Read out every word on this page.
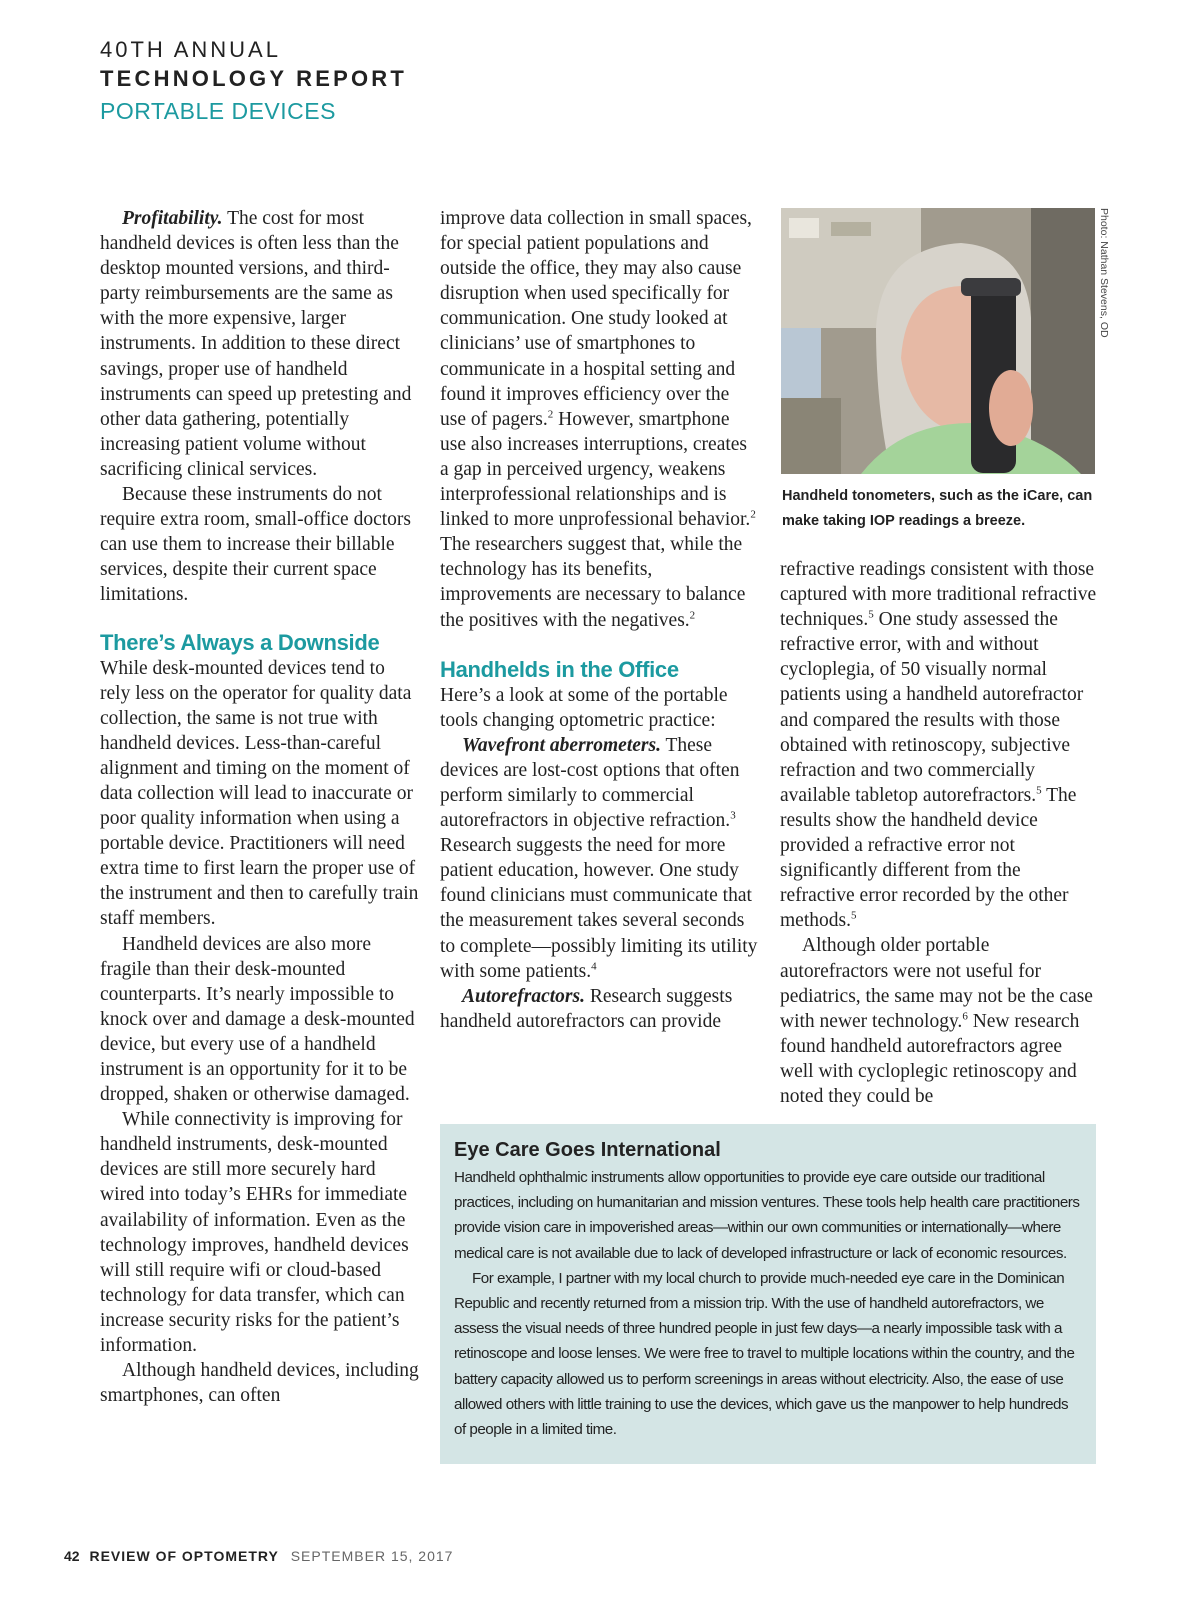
40TH ANNUAL
TECHNOLOGY REPORT
PORTABLE DEVICES

Profitability. The cost for most handheld devices is often less than the desktop mounted versions, and third-party reimbursements are the same as with the more expensive, larger instruments. In addition to these direct savings, proper use of handheld instruments can speed up pretesting and other data gathering, potentially increasing patient volume without sacrificing clinical services.

Because these instruments do not require extra room, small-office doctors can use them to increase their billable services, despite their current space limitations.

There’s Always a Downside

While desk-mounted devices tend to rely less on the operator for quality data collection, the same is not true with handheld devices. Less-than-careful alignment and timing on the moment of data collection will lead to inaccurate or poor quality information when using a portable device. Practitioners will need extra time to first learn the proper use of the instrument and then to carefully train staff members.

Handheld devices are also more fragile than their desk-mounted counterparts. It’s nearly impossible to knock over and damage a desk-mounted device, but every use of a handheld instrument is an opportunity for it to be dropped, shaken or otherwise damaged.

While connectivity is improving for handheld instruments, desk-mounted devices are still more securely hard wired into today’s EHRs for immediate availability of information. Even as the technology improves, handheld devices will still require wifi or cloud-based technology for data transfer, which can increase security risks for the patient’s information.

Although handheld devices, including smartphones, can often

improve data collection in small spaces, for special patient populations and outside the office, they may also cause disruption when used specifically for communication. One study looked at clinicians’ use of smartphones to communicate in a hospital setting and found it improves efficiency over the use of pagers.$^2$ However, smartphone use also increases interruptions, creates a gap in perceived urgency, weakens interprofessional relationships and is linked to more unprofessional behavior.$^2$ The researchers suggest that, while the technology has its benefits, improvements are necessary to balance the positives with the negatives.$^2$

Handhelds in the Office

Here’s a look at some of the portable tools changing optometric practice:

Wavefront aberrometers. These devices are lost-cost options that often perform similarly to commercial autorefractors in objective refraction.$^3$ Research suggests the need for more patient education, however. One study found clinicians must communicate that the measurement takes several seconds to complete—possibly limiting its utility with some patients.$^4$

Autorefractors. Research suggests handheld autorefractors can provide

Photo: Nathan Stevens, OD
Handheld tonometers, such as the iCare, can make taking IOP readings a breeze.

refractive readings consistent with those captured with more traditional refractive techniques.$^5$ One study assessed the refractive error, with and without cycloplegia, of 50 visually normal patients using a handheld autorefractor and compared the results with those obtained with retinoscopy, subjective refraction and two commercially available tabletop autorefractors.$^5$ The results show the handheld device provided a refractive error not significantly different from the refractive error recorded by the other methods.$^5$

Although older portable autorefractors were not useful for pediatrics, the same may not be the case with newer technology.$^6$ New research found handheld autorefractors agree well with cycloplegic retinoscopy and noted they could be

Eye Care Goes International

Handheld ophthalmic instruments allow opportunities to provide eye care outside our traditional practices, including on humanitarian and mission ventures. These tools help health care practitioners provide vision care in impoverished areas—within our own communities or internationally—where medical care is not available due to lack of developed infrastructure or lack of economic resources.

For example, I partner with my local church to provide much-needed eye care in the Dominican Republic and recently returned from a mission trip. With the use of handheld autorefractors, we assess the visual needs of three hundred people in just few days—a nearly impossible task with a retinoscope and loose lenses. We were free to travel to multiple locations within the country, and the battery capacity allowed us to perform screenings in areas without electricity. Also, the ease of use allowed others with little training to use the devices, which gave us the manpower to help hundreds of people in a limited time.

42 REVIEW OF OPTOMETRY SEPTEMBER 15, 2017
